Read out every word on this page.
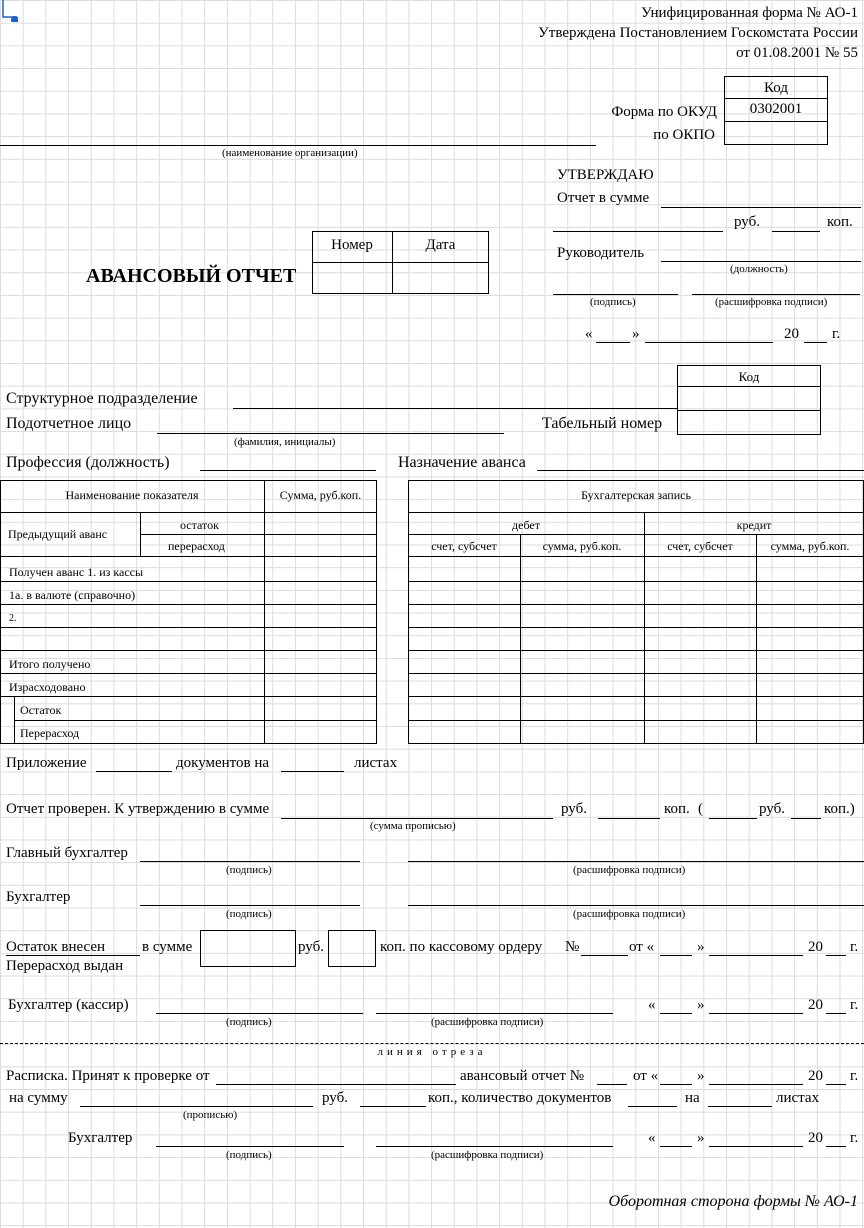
Унифицированная форма № АО-1
Утверждена Постановлением Госкомстата России
от 01.08.2001 № 55
Код
0302001
Форма по ОКУД
по ОКПО
(наименование организации)
УТВЕРЖДАЮ
Отчет в сумме
руб.	коп.
Руководитель
(должность)
(подпись)	(расшифровка подписи)
«	»	20 г.
АВАНСОВЫЙ ОТЧЕТ
Номер	Дата
Код
Структурное подразделение
Подотчетное лицо
(фамилия, инициалы)
Табельный номер
Профессия (должность)	Назначение аванса
Наименование показателя	Сумма, руб.коп.
Предыдущий аванс
остаток
перерасход
Получен аванс 1. из кассы
1а. в валюте (справочно)
2.
Итого получено
Израсходовано
Остаток
Перерасход
Бухгалтерская запись
дебет	кредит
счет, субсчет	сумма, руб.коп.	счет, субсчет	сумма, руб.коп.
Приложение	документов на	листах
Отчет проверен. К утверждению в сумме
(сумма прописью)
руб.	коп. (	руб.	коп.)
Главный бухгалтер
(подпись)	(расшифровка подписи)
Бухгалтер
(подпись)	(расшифровка подписи)
Остаток внесен в сумме	руб.	коп. по кассовому ордеру №	от «	»	20 г.
Перерасход выдан
Бухгалтер (кассир)
(подпись)	(расшифровка подписи)
«	»	20 г.
линия отреза
Расписка. Принят к проверке от	авансовый отчет №	от «	»	20 г.
на сумму
(прописью)
руб.	коп., количество документов	на	листах
Бухгалтер
(подпись)	(расшифровка подписи)
«	»	20 г.
Оборотная сторона формы № АО-1
